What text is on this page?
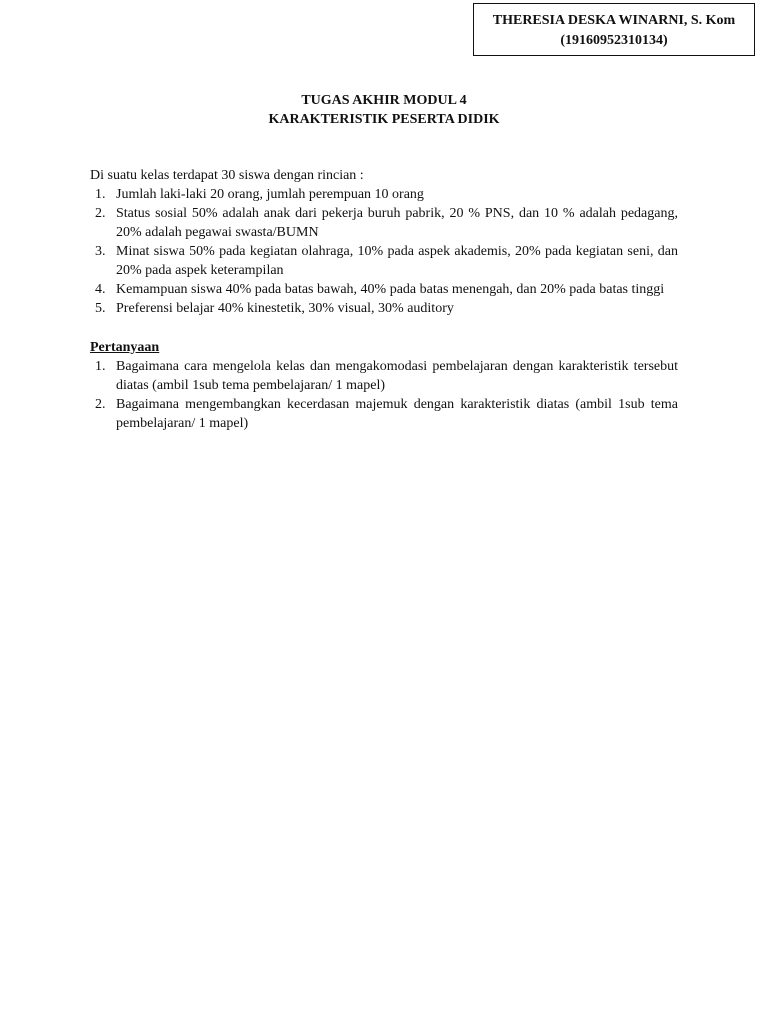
THERESIA DESKA WINARNI, S. Kom
(19160952310134)
TUGAS AKHIR MODUL 4
KARAKTERISTIK PESERTA DIDIK
Di suatu kelas terdapat 30 siswa dengan rincian :
1. Jumlah laki-laki 20 orang, jumlah perempuan 10 orang
2. Status sosial 50% adalah anak dari pekerja buruh pabrik, 20 % PNS, dan 10 % adalah pedagang, 20% adalah pegawai swasta/BUMN
3. Minat siswa 50% pada kegiatan olahraga, 10% pada aspek akademis, 20% pada kegiatan seni, dan 20% pada aspek keterampilan
4. Kemampuan siswa 40% pada batas bawah, 40% pada batas menengah, dan 20% pada batas tinggi
5. Preferensi belajar 40% kinestetik, 30% visual, 30% auditory
Pertanyaan
1. Bagaimana cara mengelola kelas dan mengakomodasi pembelajaran dengan karakteristik tersebut diatas (ambil 1sub tema pembelajaran/ 1 mapel)
2. Bagaimana mengembangkan kecerdasan majemuk dengan karakteristik diatas (ambil 1sub tema pembelajaran/ 1 mapel)
